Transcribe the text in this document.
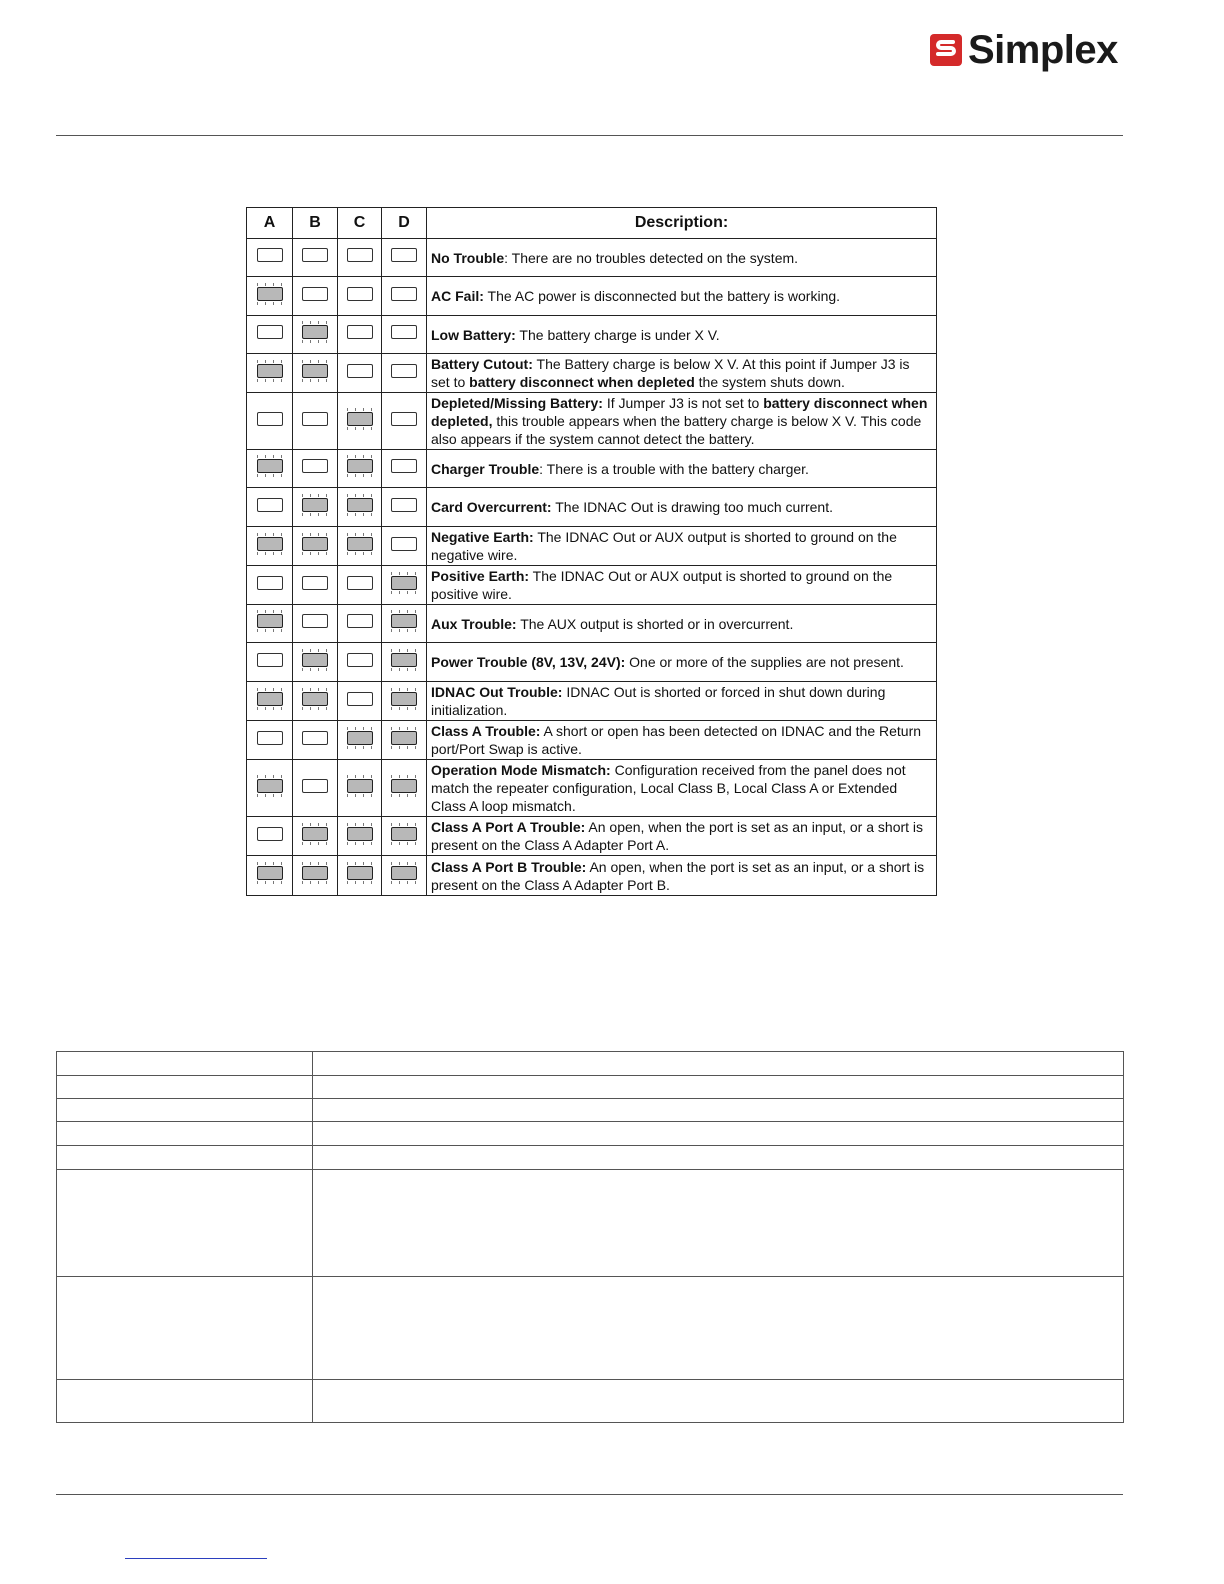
Simplex
A	B	C	D	Description:
				No Trouble: There are no troubles detected on the system.
				AC Fail: The AC power is disconnected but the battery is working.
				Low Battery: The battery charge is under X V.
				Battery Cutout: The Battery charge is below X V. At this point if Jumper J3 is set to battery disconnect when depleted the system shuts down.
				Depleted/Missing Battery: If Jumper J3 is not set to battery disconnect when depleted, this trouble appears when the battery charge is below X V. This code also appears if the system cannot detect the battery.
				Charger Trouble: There is a trouble with the battery charger.
				Card Overcurrent: The IDNAC Out is drawing too much current.
				Negative Earth: The IDNAC Out or AUX output is shorted to ground on the negative wire.
				Positive Earth: The IDNAC Out or AUX output is shorted to ground on the positive wire.
				Aux Trouble: The AUX output is shorted or in overcurrent.
				Power Trouble (8V, 13V, 24V): One or more of the supplies are not present.
				IDNAC Out Trouble: IDNAC Out is shorted or forced in shut down during initialization.
				Class A Trouble: A short or open has been detected on IDNAC and the Return port/Port Swap is active.
				Operation Mode Mismatch: Configuration received from the panel does not match the repeater configuration, Local Class B, Local Class A or Extended Class A loop mismatch.
				Class A Port A Trouble: An open, when the port is set as an input, or a short is present on the Class A Adapter Port A.
				Class A Port B Trouble: An open, when the port is set as an input, or a short is present on the Class A Adapter Port B.
